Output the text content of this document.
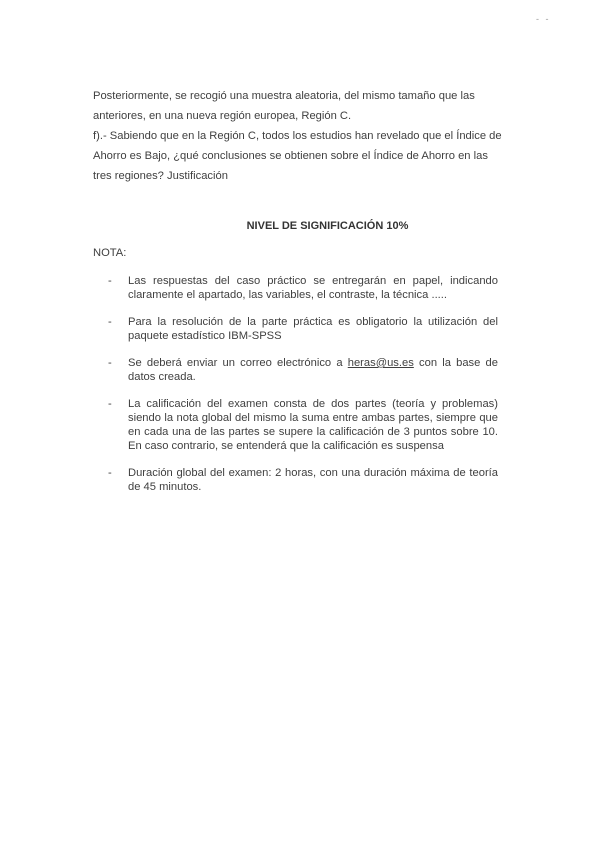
- -

Posteriormente, se recogió una muestra aleatoria, del mismo tamaño que las anteriores, en una nueva región europea, Región C.

f).- Sabiendo que en la Región C, todos los estudios han revelado que el Índice de Ahorro es Bajo, ¿qué conclusiones se obtienen sobre el Índice de Ahorro en las tres regiones? Justificación

NIVEL DE SIGNIFICACIÓN 10%
NOTA:
- Las respuestas del caso práctico se entregarán en papel, indicando claramente el apartado, las variables, el contraste, la técnica .....
- Para la resolución de la parte práctica es obligatorio la utilización del paquete estadístico IBM-SPSS
- Se deberá enviar un correo electrónico a heras@us.es con la base de datos creada.
- La calificación del examen consta de dos partes (teoría y problemas) siendo la nota global del mismo la suma entre ambas partes, siempre que en cada una de las partes se supere la calificación de 3 puntos sobre 10. En caso contrario, se entenderá que la calificación es suspensa
- Duración global del examen: 2 horas, con una duración máxima de teoría de 45 minutos.
